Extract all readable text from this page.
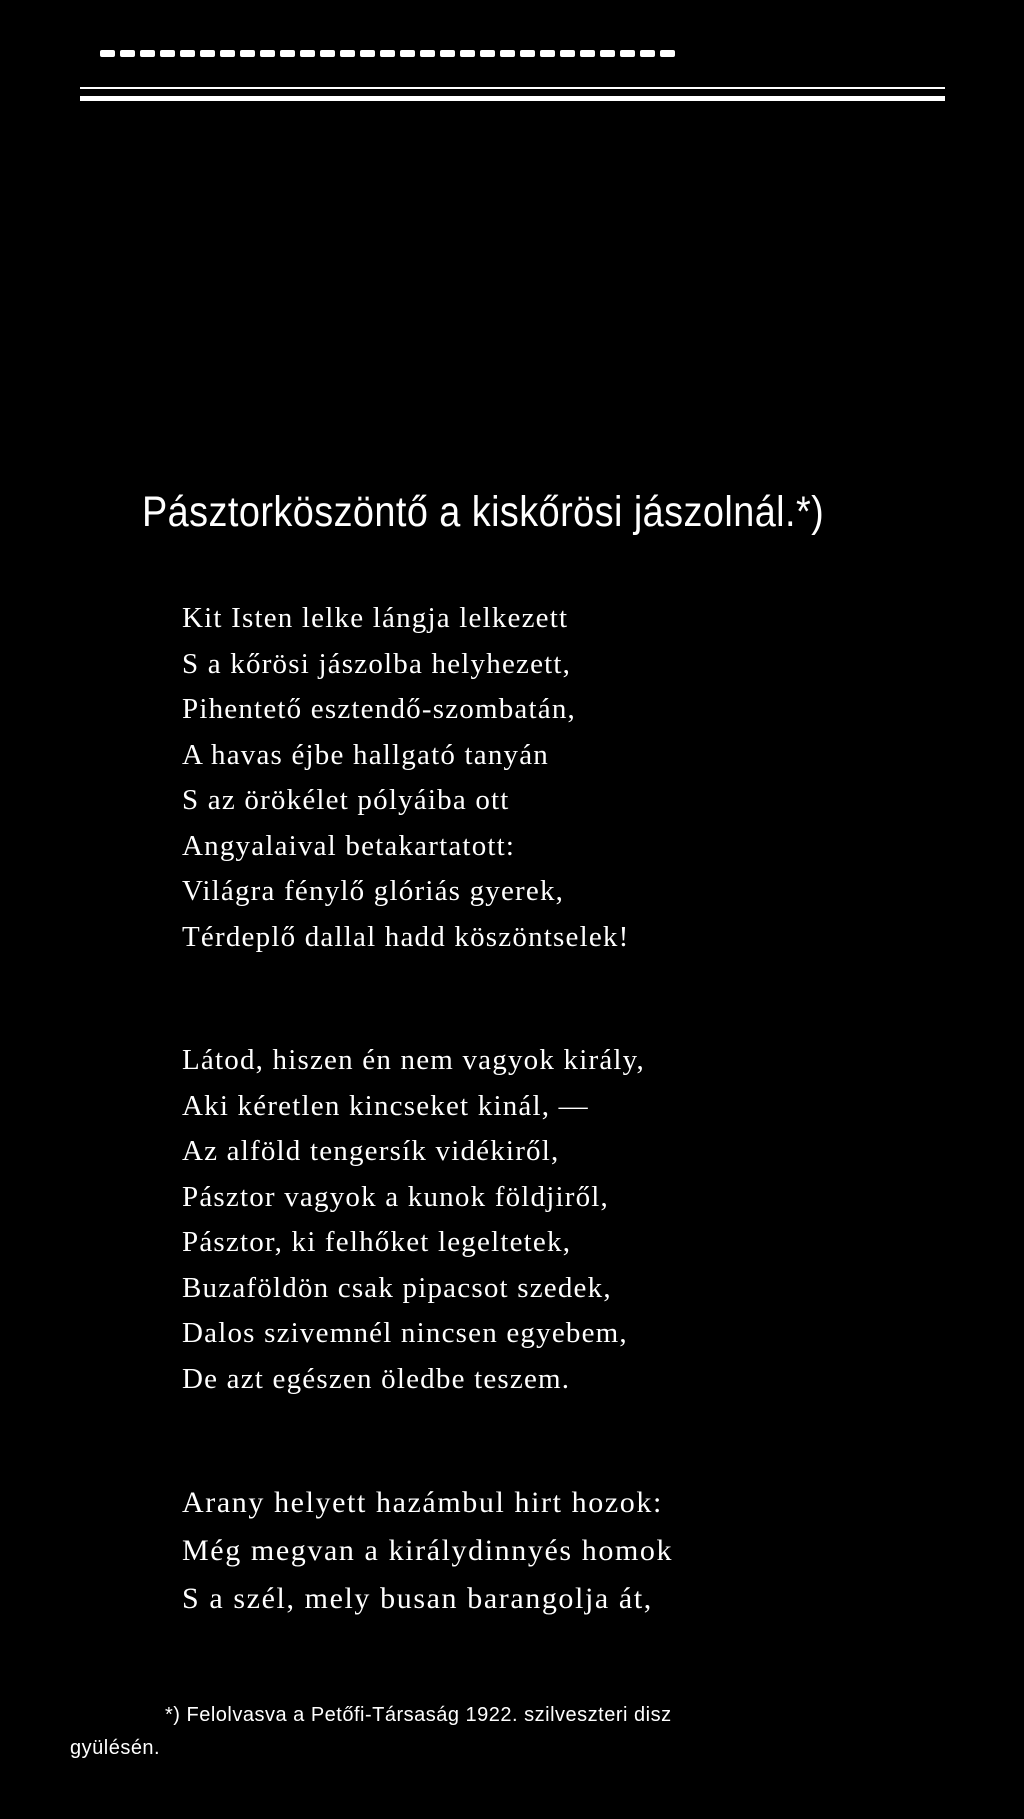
Pásztorköszöntő a kiskőrösi jászolnál.*)
Kit Isten lelke lángja lelkezett
S a kőrösi jászolba helyhezett,
Pihentető esztendő-szombatán,
A havas éjbe hallgató tanyán
S az örökélet pólyáiba ott
Angyalaival betakartatott:
Világra fénylő glóriás gyerek,
Térdeplő dallal hadd köszöntselek!
Látod, hiszen én nem vagyok király,
Aki kéretlen kincseket kinál, —
Az alföld tengersík vidékiről,
Pásztor vagyok a kunok földjiről,
Pásztor, ki felhőket legeltetek,
Buzaföldön csak pipacsot szedek,
Dalos szivemnél nincsen egyebem,
De azt egészen öledbe teszem.
Arany helyett hazámbul hirt hozok:
Még megvan a királydinnyés homok
S a szél, mely busan barangolja át,
*) Felolvasva a Petőfi-Társaság 1922. szilveszteri disz
gyülésén.
